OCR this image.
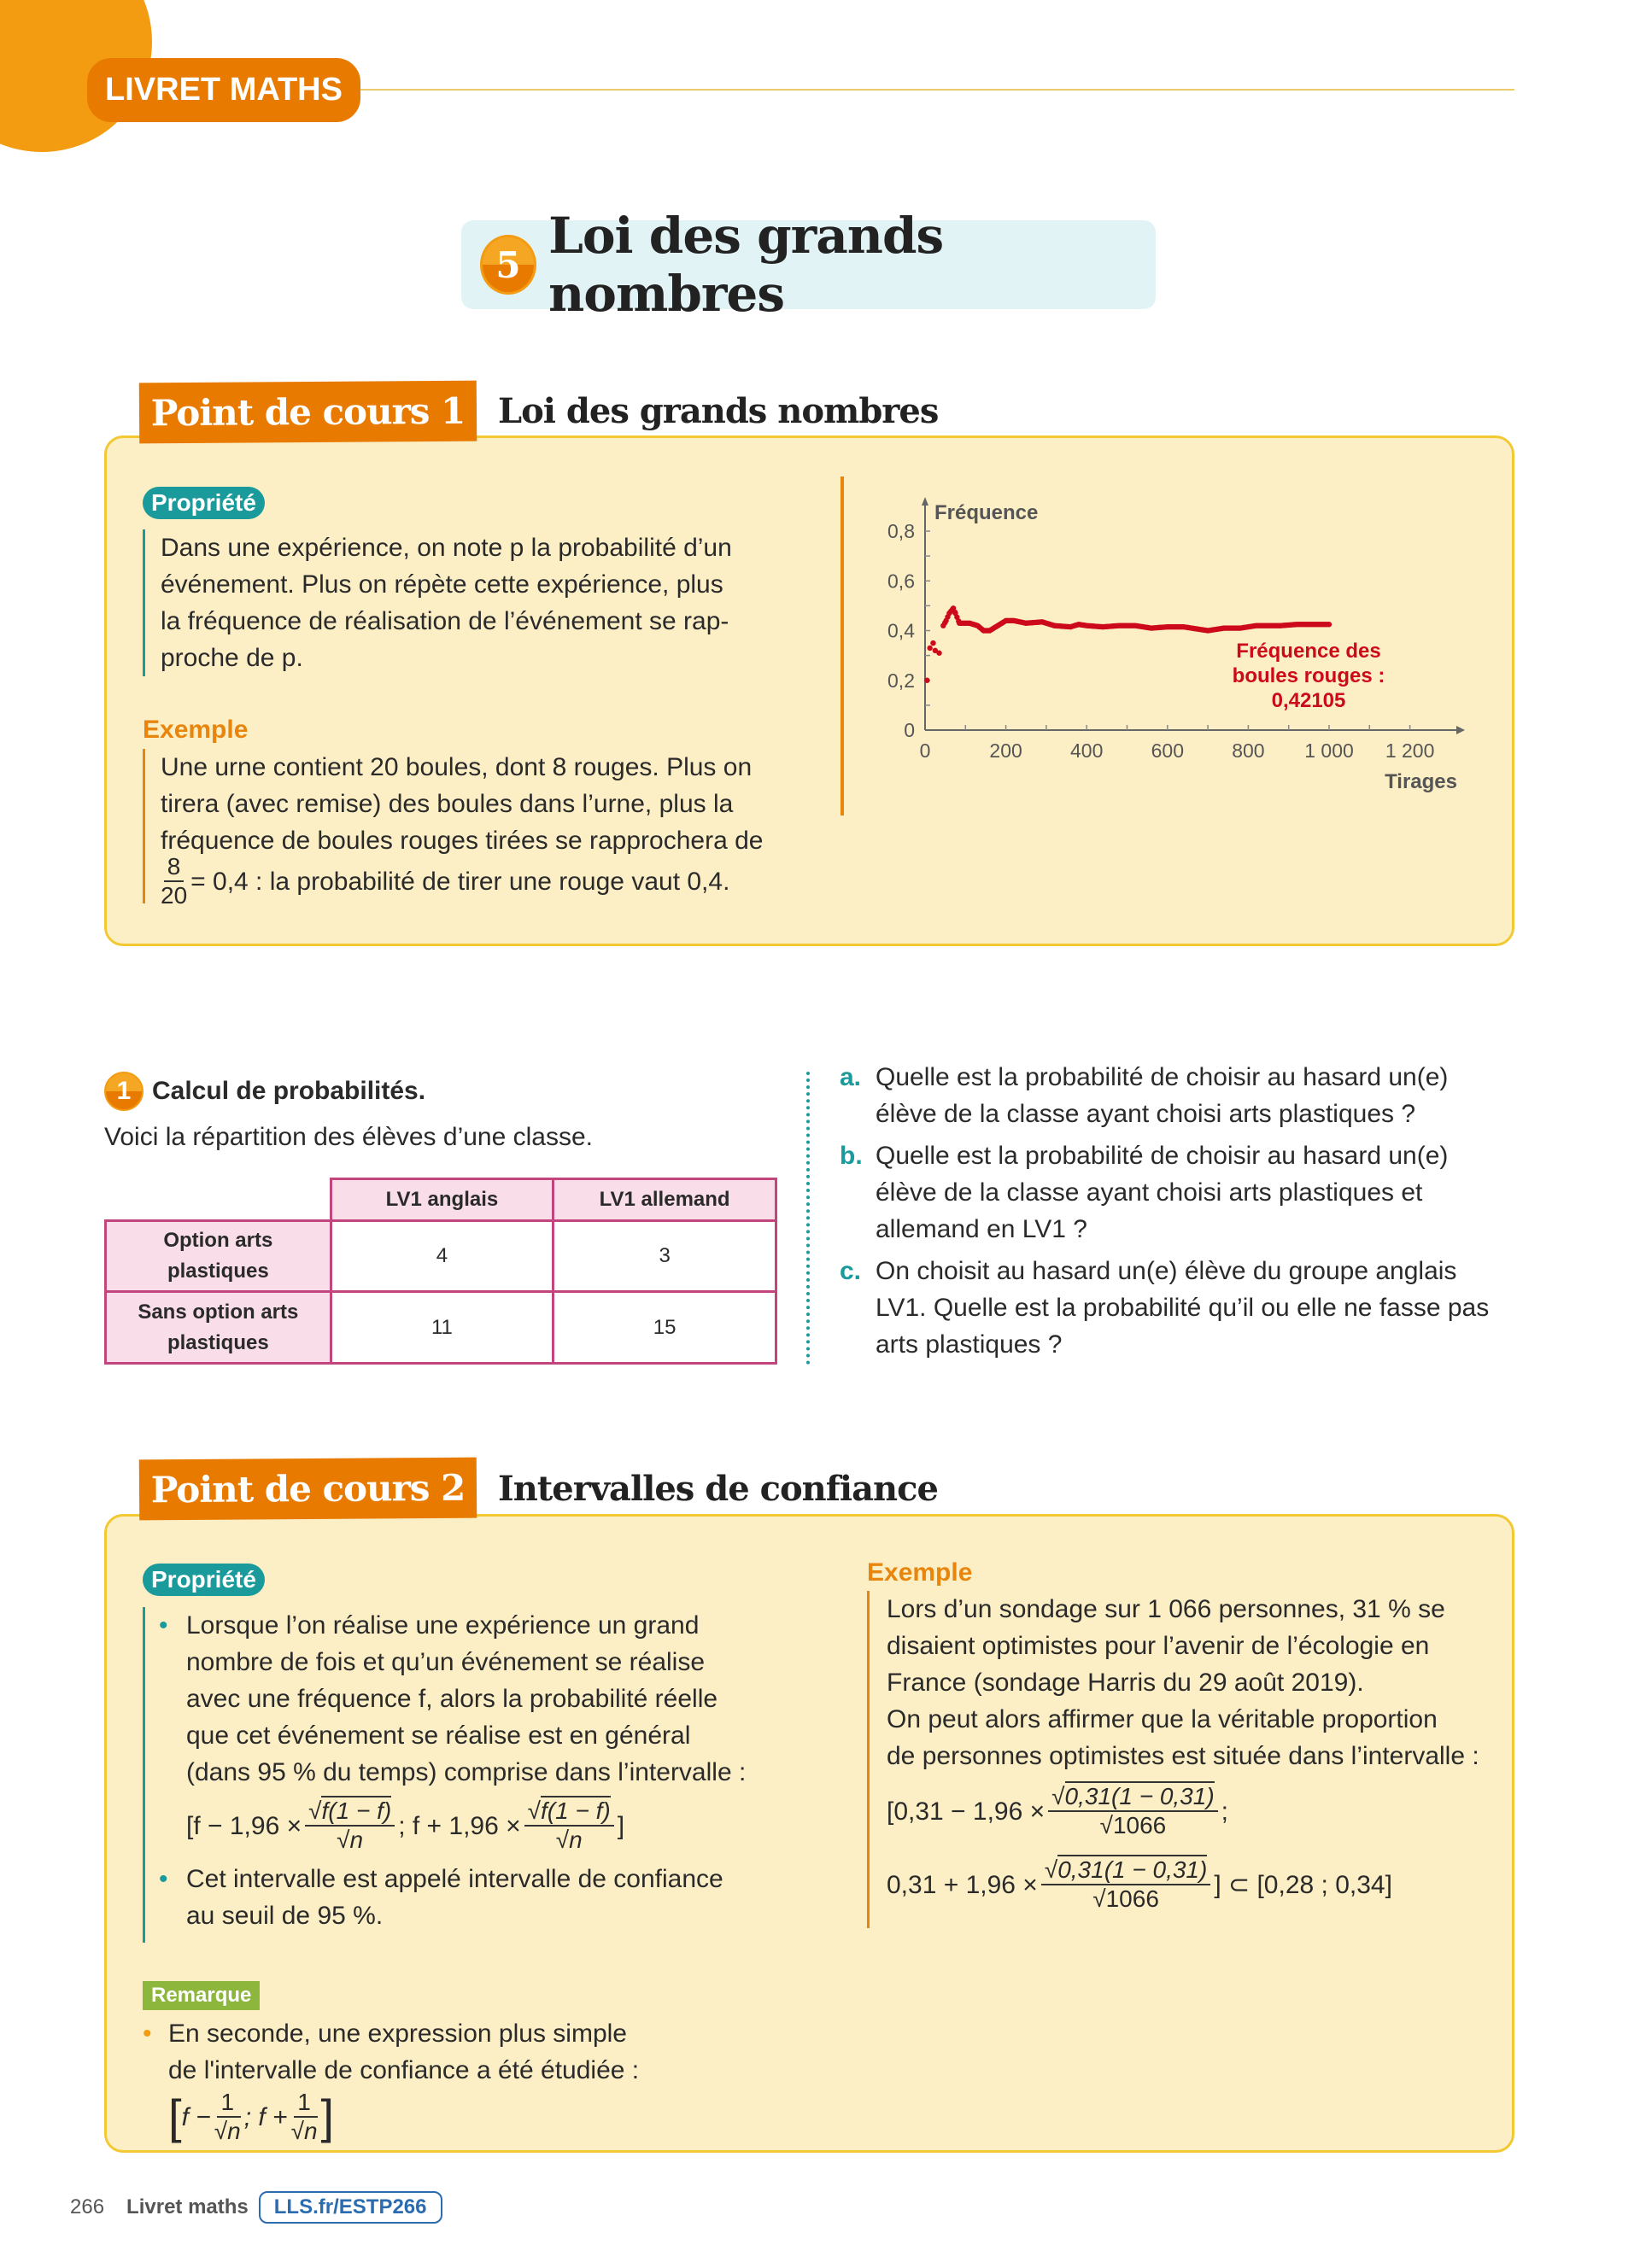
LIVRET MATHS
5 Loi des grands nombres
Point de cours 1 Loi des grands nombres
Propriété
Dans une expérience, on note p la probabilité d’un
événement. Plus on répète cette expérience, plus
la fréquence de réalisation de l’événement se rap-
proche de p.
Exemple
Une urne contient 20 boules, dont 8 rouges. Plus on
tirera (avec remise) des boules dans l’urne, plus la
fréquence de boules rouges tirées se rapprochera de
$\frac{8}{20} = 0,4$ : la probabilité de tirer une rouge vaut 0,4.
0	200 400 600 800 1 000 1 200
0
0,2
0,4
0,6
0,8
Fréquence
Tirages
Fréquence des
boules rouges :
0,42105
1 Calcul de probabilités.
Voici la répartition des élèves d’une classe.
	LV1 anglais	LV1 allemand
Option arts plastiques	4	3
Sans option arts plastiques	11	15
a. Quelle est la probabilité de choisir au hasard un(e)
élève de la classe ayant choisi arts plastiques ?
b. Quelle est la probabilité de choisir au hasard un(e)
élève de la classe ayant choisi arts plastiques et
allemand en LV1 ?
c. On choisit au hasard un(e) élève du groupe anglais
LV1. Quelle est la probabilité qu’il ou elle ne fasse pas
arts plastiques ?
Point de cours 2 Intervalles de confiance
Propriété
• Lorsque l’on réalise une expérience un grand
nombre de fois et qu’un événement se réalise
avec une fréquence f, alors la probabilité réelle
que cet événement se réalise est en général
(dans 95 % du temps) comprise dans l’intervalle :
[$f - 1,96 \times \frac{√f(1 - f)}{√n}$ ; $f + 1,96 \times \frac{√f(1 - f)}{√n}$ ]
• Cet intervalle est appelé intervalle de confiance
au seuil de 95 %.
Remarque
• En seconde, une expression plus simple
de l'intervalle de confiance a été étudiée :
[ $f - \frac{1}{√n}$ ; $f + \frac{1}{√n}$ ]
Exemple
Lors d’un sondage sur 1 066 personnes, 31 % se
disaient optimistes pour l’avenir de l’écologie en
France (sondage Harris du 29 août 2019).
On peut alors affirmer que la véritable proportion
de personnes optimistes est située dans l’intervalle :
[$0,31 - 1,96 \times \frac{√0,31(1 - 0,31)}{√1066}$ ;
$0,31 + 1,96 \times \frac{√0,31(1 - 0,31)}{√1066}$ ] ⊂ [0,28 ; 0,34]
266 Livret maths	LLS.fr/ESTP266
